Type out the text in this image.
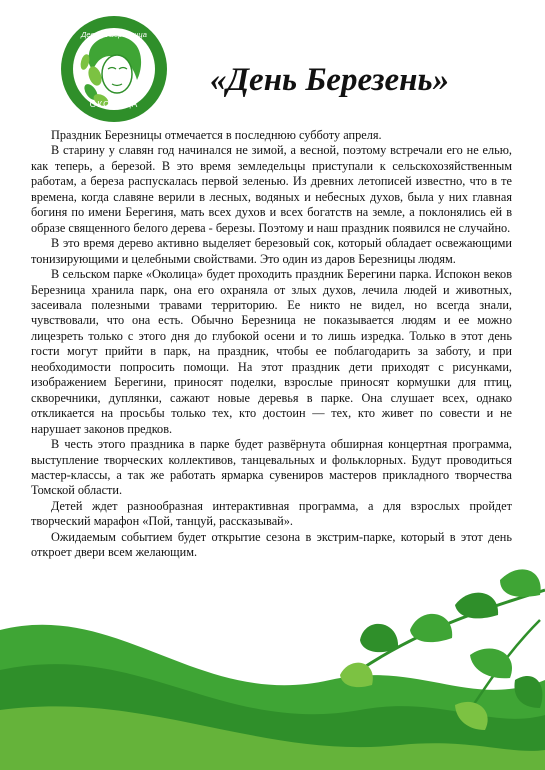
Девица Березница
ОКОЛИЦА
«День Березень»

Праздник Березницы отмечается в последнюю субботу апреля.

В старину у славян год начинался не зимой, а весной, поэтому встречали его не елью, как теперь, а березой. В это время земледельцы приступали к сельскохозяйственным работам, а береза распускалась первой зеленью. Из древних летописей известно, что в те времена, когда славяне верили в лесных, водяных и небесных духов, была у них главная богиня по имени Берегиня, мать всех духов и всех богатств на земле, а поклонялись ей в образе священного белого дерева - березы. Поэтому и наш праздник появился не случайно.

В это время дерево активно выделяет березовый сок, который обладает освежающими тонизирующими и целебными свойствами. Это один из даров Березницы людям.

В сельском парке «Околица» будет проходить праздник Берегини парка. Испокон веков Березница хранила парк, она его охраняла от злых духов, лечила людей и животных, засеивала полезными травами территорию. Ее никто не видел, но всегда знали, чувствовали, что она есть. Обычно Березница не показывается людям и ее можно лицезреть только с этого дня до глубокой осени и то лишь изредка. Только в этот день гости могут прийти в парк, на праздник, чтобы ее поблагодарить за заботу, и при необходимости попросить помощи. На этот праздник дети приходят с рисунками, изображением Берегини, приносят поделки, взрослые приносят кормушки для птиц, скворечники, дуплянки, сажают новые деревья в парке. Она слушает всех, однако откликается на просьбы только тех, кто достоин — тех, кто живет по совести и не нарушает законов предков.

В честь этого праздника в парке будет развёрнута обширная концертная программа, выступление творческих коллективов, танцевальных и фольклорных. Будут проводиться мастер-классы, а так же работать ярмарка сувениров мастеров прикладного творчества Томской области.

Детей ждет разнообразная интерактивная программа, а для взрослых пройдет творческий марафон «Пой, танцуй, рассказывай».

Ожидаемым событием будет открытие сезона в экстрим-парке, который в этот день откроет двери всем желающим.
